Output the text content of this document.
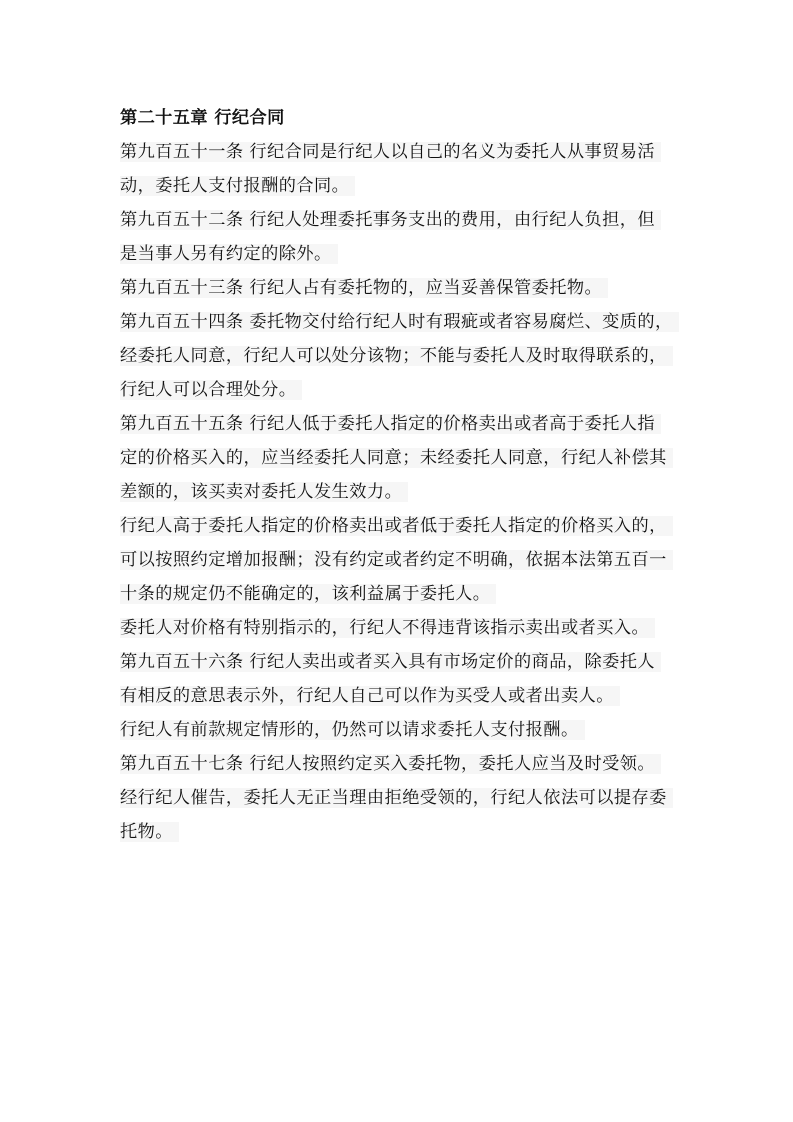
第二十五章 行纪合同
第九百五十一条 行纪合同是行纪人以自己的名义为委托人从事贸易活
动，委托人支付报酬的合同。
第九百五十二条 行纪人处理委托事务支出的费用，由行纪人负担，但
是当事人另有约定的除外。
第九百五十三条 行纪人占有委托物的，应当妥善保管委托物。
第九百五十四条 委托物交付给行纪人时有瑕疵或者容易腐烂、变质的，
经委托人同意，行纪人可以处分该物；不能与委托人及时取得联系的，
行纪人可以合理处分。
第九百五十五条 行纪人低于委托人指定的价格卖出或者高于委托人指
定的价格买入的，应当经委托人同意；未经委托人同意，行纪人补偿其
差额的，该买卖对委托人发生效力。
行纪人高于委托人指定的价格卖出或者低于委托人指定的价格买入的，
可以按照约定增加报酬；没有约定或者约定不明确，依据本法第五百一
十条的规定仍不能确定的，该利益属于委托人。
委托人对价格有特别指示的，行纪人不得违背该指示卖出或者买入。
第九百五十六条 行纪人卖出或者买入具有市场定价的商品，除委托人
有相反的意思表示外，行纪人自己可以作为买受人或者出卖人。
行纪人有前款规定情形的，仍然可以请求委托人支付报酬。
第九百五十七条 行纪人按照约定买入委托物，委托人应当及时受领。
经行纪人催告，委托人无正当理由拒绝受领的，行纪人依法可以提存委
托物。
